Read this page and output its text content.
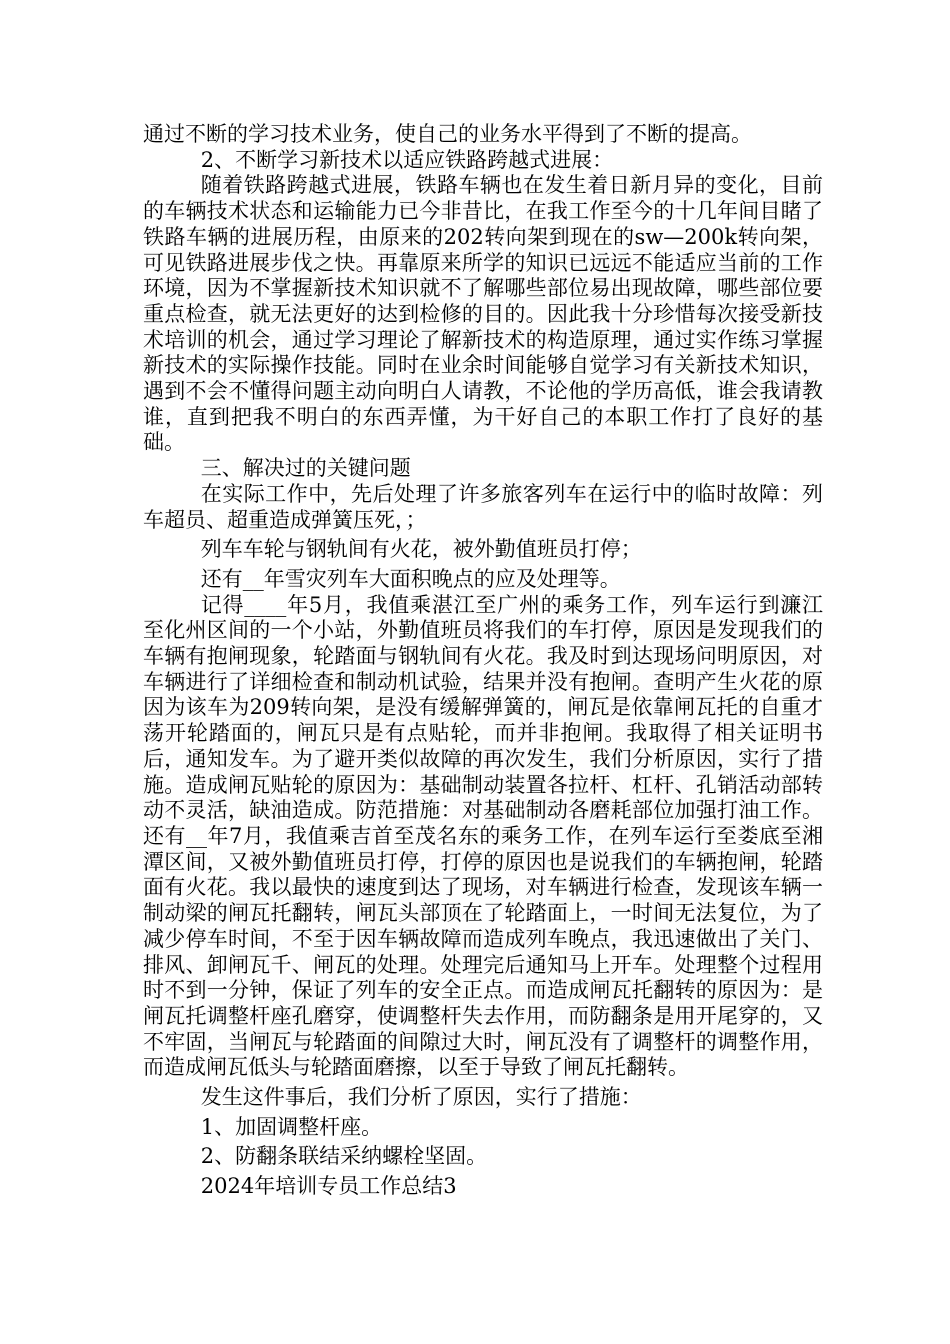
通过不断的学习技术业务，使自己的业务水平得到了不断的提高。

2、不断学习新技术以适应铁路跨越式进展：

随着铁路跨越式进展，铁路车辆也在发生着日新月异的变化，目前的车辆技术状态和运输能力已今非昔比，在我工作至今的十几年间目睹了铁路车辆的进展历程，由原来的202转向架到现在的sw—200k转向架，可见铁路进展步伐之快。再靠原来所学的知识已远远不能适应当前的工作环境，因为不掌握新技术知识就不了解哪些部位易出现故障，哪些部位要重点检查，就无法更好的达到检修的目的。因此我十分珍惜每次接受新技术培训的机会，通过学习理论了解新技术的构造原理，通过实作练习掌握新技术的实际操作技能。同时在业余时间能够自觉学习有关新技术知识，遇到不会不懂得问题主动向明白人请教，不论他的学历高低，谁会我请教谁，直到把我不明白的东西弄懂，为干好自己的本职工作打了良好的基础。

三、解决过的关键问题

在实际工作中，先后处理了许多旅客列车在运行中的临时故障：列车超员、超重造成弹簧压死，；

列车车轮与钢轨间有火花，被外勤值班员打停；

还有__年雪灾列车大面积晚点的应及处理等。

记得____年5月，我值乘湛江至广州的乘务工作，列车运行到濂江至化州区间的一个小站，外勤值班员将我们的车打停，原因是发现我们的车辆有抱闸现象，轮踏面与钢轨间有火花。我及时到达现场问明原因，对车辆进行了详细检查和制动机试验，结果并没有抱闸。查明产生火花的原因为该车为209转向架，是没有缓解弹簧的，闸瓦是依靠闸瓦托的自重才荡开轮踏面的，闸瓦只是有点贴轮，而并非抱闸。我取得了相关证明书后，通知发车。为了避开类似故障的再次发生，我们分析原因，实行了措施。造成闸瓦贴轮的原因为：基础制动装置各拉杆、杠杆、孔销活动部转动不灵活，缺油造成。防范措施：对基础制动各磨耗部位加强打油工作。还有__年7月，我值乘吉首至茂名东的乘务工作，在列车运行至娄底至湘潭区间，又被外勤值班员打停，打停的原因也是说我们的车辆抱闸，轮踏面有火花。我以最快的速度到达了现场，对车辆进行检查，发现该车辆一制动梁的闸瓦托翻转，闸瓦头部顶在了轮踏面上，一时间无法复位，为了减少停车时间，不至于因车辆故障而造成列车晚点，我迅速做出了关门、排风、卸闸瓦千、闸瓦的处理。处理完后通知马上开车。处理整个过程用时不到一分钟，保证了列车的安全正点。而造成闸瓦托翻转的原因为：是闸瓦托调整杆座孔磨穿，使调整杆失去作用，而防翻条是用开尾穿的，又不牢固，当闸瓦与轮踏面的间隙过大时，闸瓦没有了调整杆的调整作用，而造成闸瓦低头与轮踏面磨擦，以至于导致了闸瓦托翻转。

发生这件事后，我们分析了原因，实行了措施：

1、加固调整杆座。

2、防翻条联结采纳螺栓坚固。

2024年培训专员工作总结3
